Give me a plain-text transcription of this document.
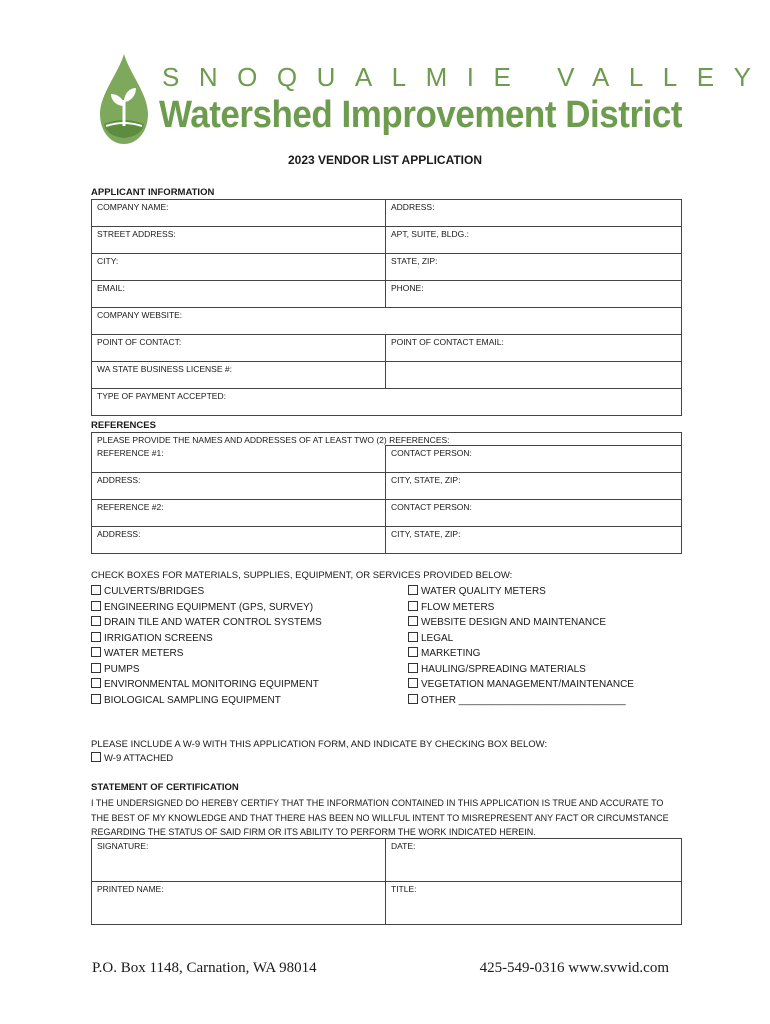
SNOQUALMIE VALLEY
Watershed Improvement District
2023 VENDOR LIST APPLICATION
APPLICANT INFORMATION
COMPANY NAME:	ADDRESS:
STREET ADDRESS:	APT, SUITE, BLDG.:
CITY:	STATE, ZIP:
EMAIL:	PHONE:
COMPANY WEBSITE:	
POINT OF CONTACT:	POINT OF CONTACT EMAIL:
WA STATE BUSINESS LICENSE #:	
TYPE OF PAYMENT ACCEPTED:	
REFERENCES
PLEASE PROVIDE THE NAMES AND ADDRESSES OF AT LEAST TWO (2) REFERENCES:	
REFERENCE #1:	CONTACT PERSON:
ADDRESS:	CITY, STATE, ZIP:
REFERENCE #2:	CONTACT PERSON:
ADDRESS:	CITY, STATE, ZIP:
CHECK BOXES FOR MATERIALS, SUPPLIES, EQUIPMENT, OR SERVICES PROVIDED BELOW:
CULVERTS/BRIDGES
ENGINEERING EQUIPMENT (GPS, SURVEY)
DRAIN TILE AND WATER CONTROL SYSTEMS
IRRIGATION SCREENS
WATER METERS
PUMPS
ENVIRONMENTAL MONITORING EQUIPMENT
BIOLOGICAL SAMPLING EQUIPMENT
WATER QUALITY METERS
FLOW METERS
WEBSITE DESIGN AND MAINTENANCE
LEGAL
MARKETING
HAULING/SPREADING MATERIALS
VEGETATION MANAGEMENT/MAINTENANCE
OTHER ______________________________
PLEASE INCLUDE A W-9 WITH THIS APPLICATION FORM, AND INDICATE BY CHECKING BOX BELOW:
W-9 ATTACHED
STATEMENT OF CERTIFICATION
I THE UNDERSIGNED DO HEREBY CERTIFY THAT THE INFORMATION CONTAINED IN THIS APPLICATION IS TRUE AND ACCURATE TO THE BEST OF MY KNOWLEDGE AND THAT THERE HAS BEEN NO WILLFUL INTENT TO MISREPRESENT ANY FACT OR CIRCUMSTANCE REGARDING THE STATUS OF SAID FIRM OR ITS ABILITY TO PERFORM THE WORK INDICATED HEREIN.
SIGNATURE:	DATE:
PRINTED NAME:	TITLE:
P.O. Box 1148, Carnation, WA 98014	425-549-0316 www.svwid.com
